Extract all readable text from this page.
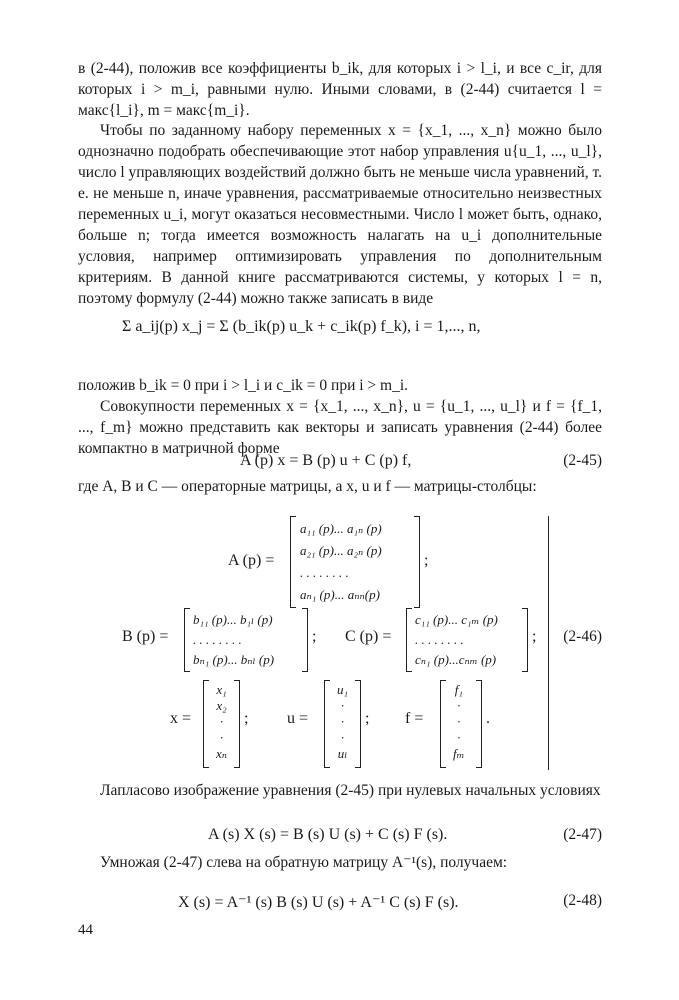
в (2-44), положив все коэффициенты b_ik, для которых i > l_i, и все c_ir, для которых i > m_i, равными нулю. Иными словами, в (2-44) считается l = макс{l_i}, m = макс{m_i}.

Чтобы по заданному набору переменных x = {x_1, ..., x_n} можно было однозначно подобрать обеспечивающие этот набор управления u{u_1, ..., u_l}, число l управляющих воздействий должно быть не меньше числа уравнений, т. е. не меньше n, иначе уравнения, рассматриваемые относительно неизвестных переменных u_i, могут оказаться несовместными. Число l может быть, однако, больше n; тогда имеется возможность налагать на u_i дополнительные условия, например оптимизировать управления по дополнительным критериям. В данной книге рассматриваются системы, у которых l = n, поэтому формулу (2-44) можно также записать в виде

Σ a_ij(p) x_j = Σ (b_ik(p) u_k + c_ik(p) f_k), i = 1,..., n,

положив b_ik = 0 при i > l_i и c_ik = 0 при i > m_i.

Совокупности переменных x = {x_1, ..., x_n}, u = {u_1, ..., u_l} и f = {f_1, ..., f_m} можно представить как векторы и записать уравнения (2-44) более компактно в матричной форме

A (p) x = B (p) u + C (p) f,	(2-45)

где A, B и C — операторные матрицы, а x, u и f — матрицы-столбцы:

A (p) =
a₁₁ (p)... a₁ₙ (p)
a₂₁ (p)... a₂ₙ (p)
. . . . . . . .
aₙ₁ (p)... aₙₙ(p)
;
B (p) =
b₁₁ (p)... b₁ₗ (p)
. . . . . . . .
bₙ₁ (p)... bₙₗ (p)
; C (p) =
c₁₁ (p)... c₁ₘ (p)
. . . . . . . .
cₙ₁ (p)...cₙₘ (p)
;
x =
x₁
x₂
·
·
xₙ
; u =
u₁
·
·
·
uₗ
; f =
f₁
·
·
·
fₘ
.
(2-46)

Лапласово изображение уравнения (2-45) при нулевых начальных условиях

A (s) X (s) = B (s) U (s) + C (s) F (s).	(2-47)

Умножая (2-47) слева на обратную матрицу A⁻¹(s), получаем:

X (s) = A⁻¹ (s) B (s) U (s) + A⁻¹ C (s) F (s).	(2-48)
44
